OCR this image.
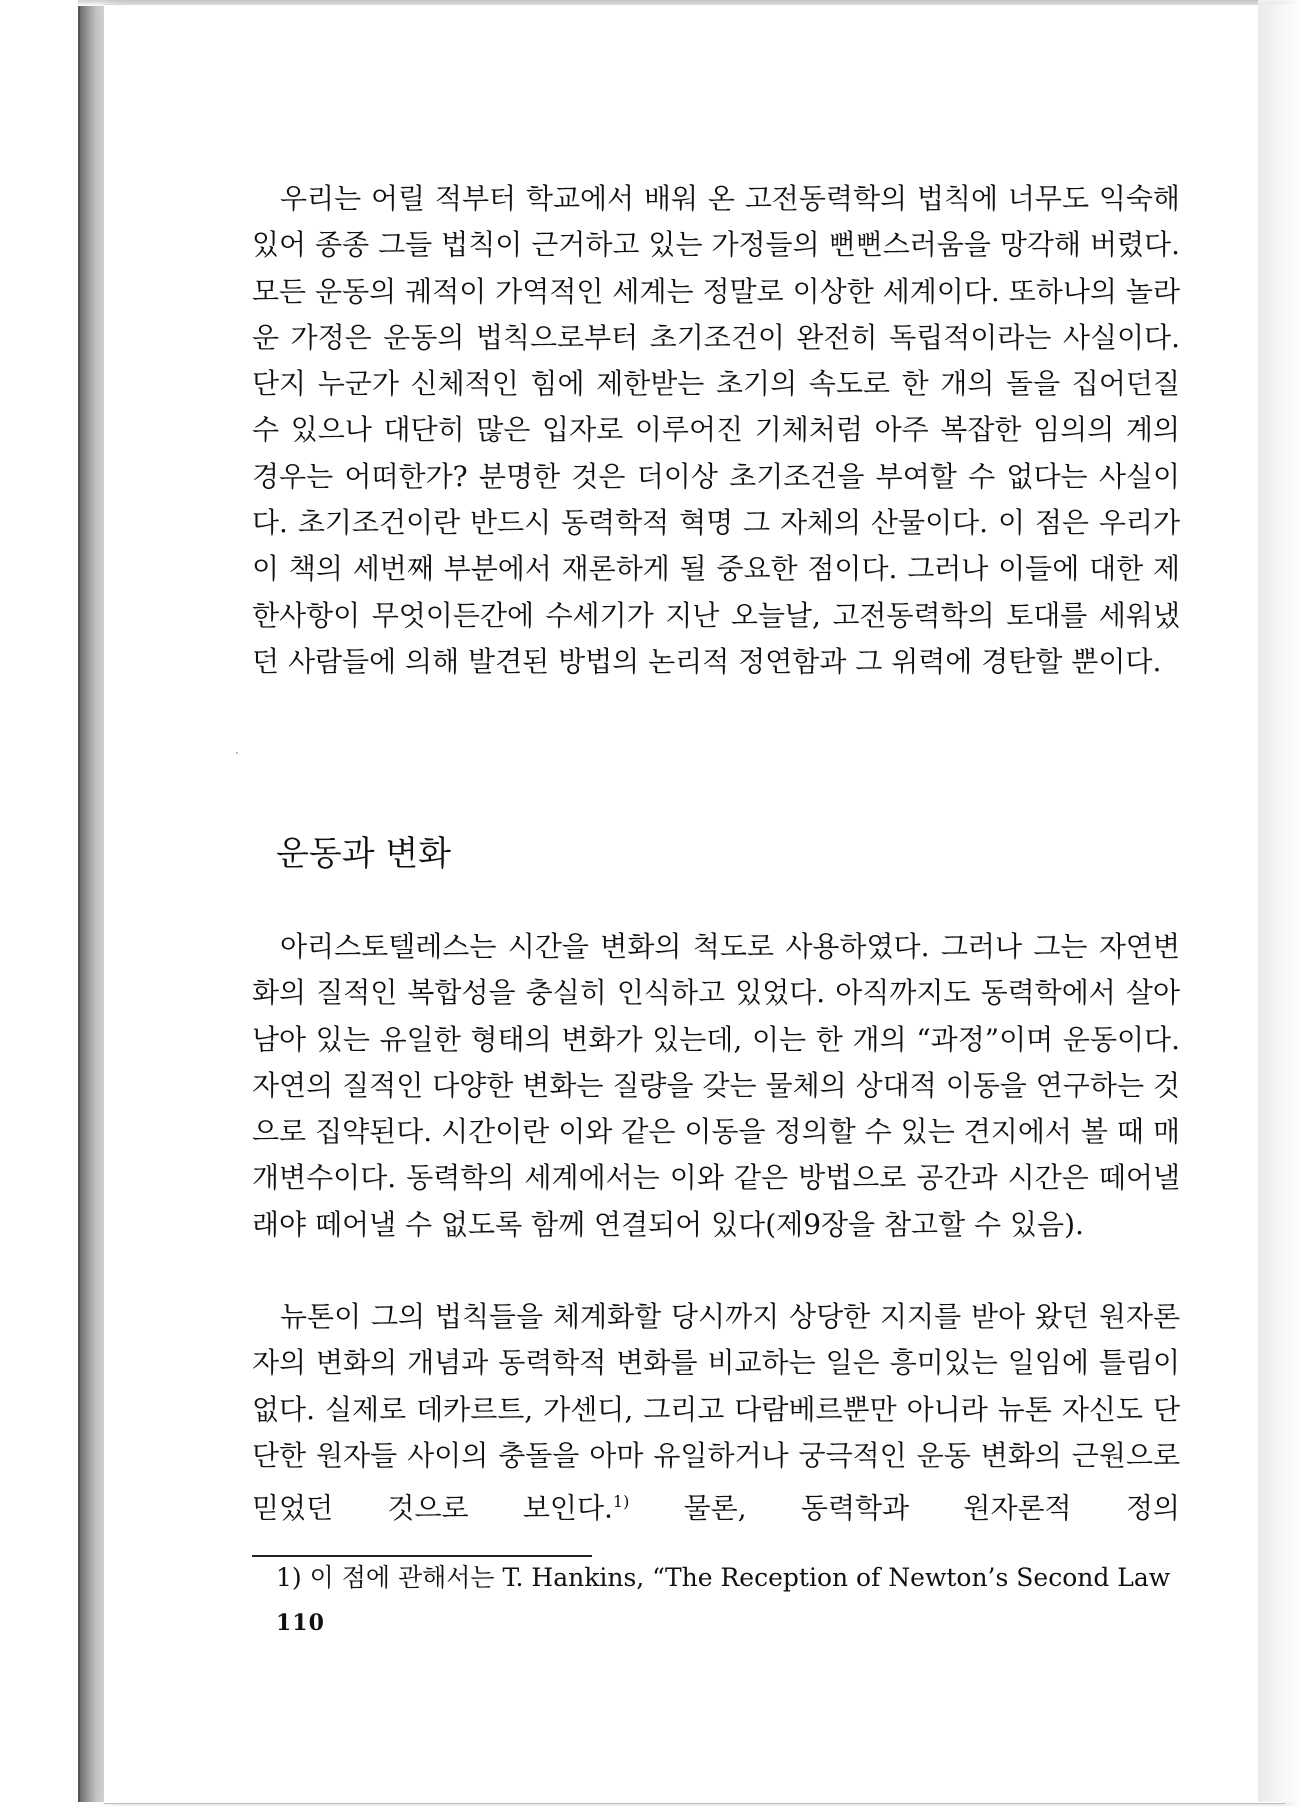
우리는 어릴 적부터 학교에서 배워 온 고전동력학의 법칙에 너무도 익숙해 있어 종종 그들 법칙이 근거하고 있는 가정들의 뻔뻔스러움을 망각해 버렸다. 모든 운동의 궤적이 가역적인 세계는 정말로 이상한 세계이다. 또하나의 놀라운 가정은 운동의 법칙으로부터 초기조건이 완전히 독립적이라는 사실이다. 단지 누군가 신체적인 힘에 제한받는 초기의 속도로 한 개의 돌을 집어던질 수 있으나 대단히 많은 입자로 이루어진 기체처럼 아주 복잡한 임의의 계의 경우는 어떠한가? 분명한 것은 더이상 초기조건을 부여할 수 없다는 사실이다. 초기조건이란 반드시 동력학적 혁명 그 자체의 산물이다. 이 점은 우리가 이 책의 세번째 부분에서 재론하게 될 중요한 점이다. 그러나 이들에 대한 제한사항이 무엇이든간에 수세기가 지난 오늘날, 고전동력학의 토대를 세워냈던 사람들에 의해 발견된 방법의 논리적 정연함과 그 위력에 경탄할 뿐이다.

운동과 변화

아리스토텔레스는 시간을 변화의 척도로 사용하였다. 그러나 그는 자연변화의 질적인 복합성을 충실히 인식하고 있었다. 아직까지도 동력학에서 살아남아 있는 유일한 형태의 변화가 있는데, 이는 한 개의 “과정”이며 운동이다. 자연의 질적인 다양한 변화는 질량을 갖는 물체의 상대적 이동을 연구하는 것으로 집약된다. 시간이란 이와 같은 이동을 정의할 수 있는 견지에서 볼 때 매개변수이다. 동력학의 세계에서는 이와 같은 방법으로 공간과 시간은 떼어낼래야 떼어낼 수 없도록 함께 연결되어 있다(제9장을 참고할 수 있음).

뉴톤이 그의 법칙들을 체계화할 당시까지 상당한 지지를 받아 왔던 원자론자의 변화의 개념과 동력학적 변화를 비교하는 일은 흥미있는 일임에 틀림이 없다. 실제로 데카르트, 가센디, 그리고 다람베르뿐만 아니라 뉴톤 자신도 단단한 원자들 사이의 충돌을 아마 유일하거나 궁극적인 운동 변화의 근원으로 믿었던 것으로 보인다.$^{1)}$ 물론, 동력학과 원자론적 정의

1) 이 점에 관해서는 T. Hankins, “The Reception of Newton’s Second Law

110
